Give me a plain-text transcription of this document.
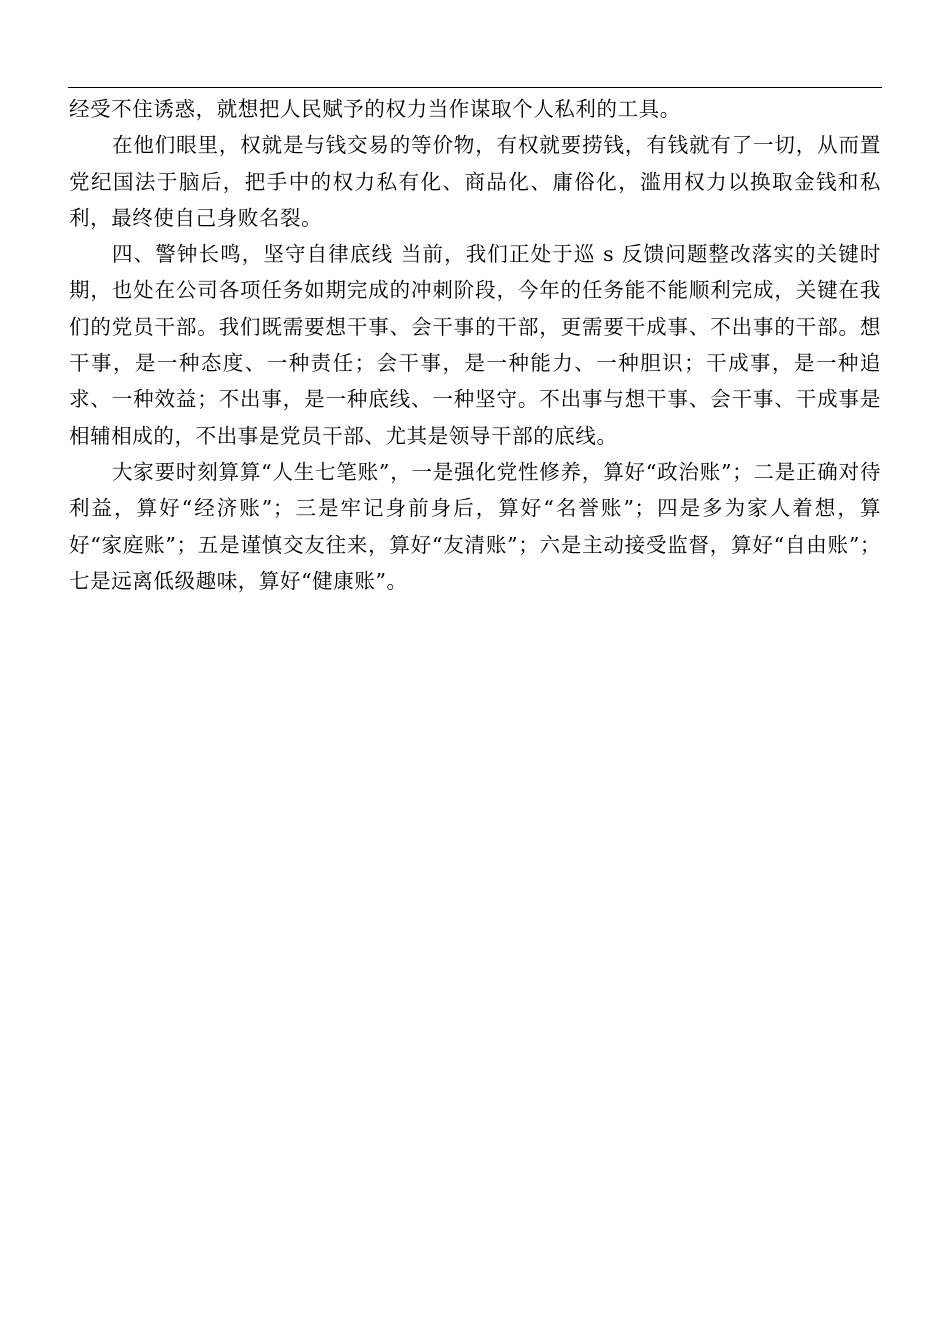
经受不住诱惑，就想把人民赋予的权力当作谋取个人私利的工具。

在他们眼里，权就是与钱交易的等价物，有权就要捞钱，有钱就有了一切，从而置党纪国法于脑后，把手中的权力私有化、商品化、庸俗化，滥用权力以换取金钱和私利，最终使自己身败名裂。

四、警钟长鸣，坚守自律底线 当前，我们正处于巡 s 反馈问题整改落实的关键时期，也处在公司各项任务如期完成的冲刺阶段，今年的任务能不能顺利完成，关键在我们的党员干部。我们既需要想干事、会干事的干部，更需要干成事、不出事的干部。想干事，是一种态度、一种责任；会干事，是一种能力、一种胆识；干成事，是一种追求、一种效益；不出事，是一种底线、一种坚守。不出事与想干事、会干事、干成事是相辅相成的，不出事是党员干部、尤其是领导干部的底线。

大家要时刻算算“人生七笔账”，一是强化党性修养，算好“政治账”；二是正确对待利益，算好“经济账”；三是牢记身前身后，算好“名誉账”；四是多为家人着想，算好“家庭账”；五是谨慎交友往来，算好“友清账”；六是主动接受监督，算好“自由账”；七是远离低级趣味，算好“健康账”。
